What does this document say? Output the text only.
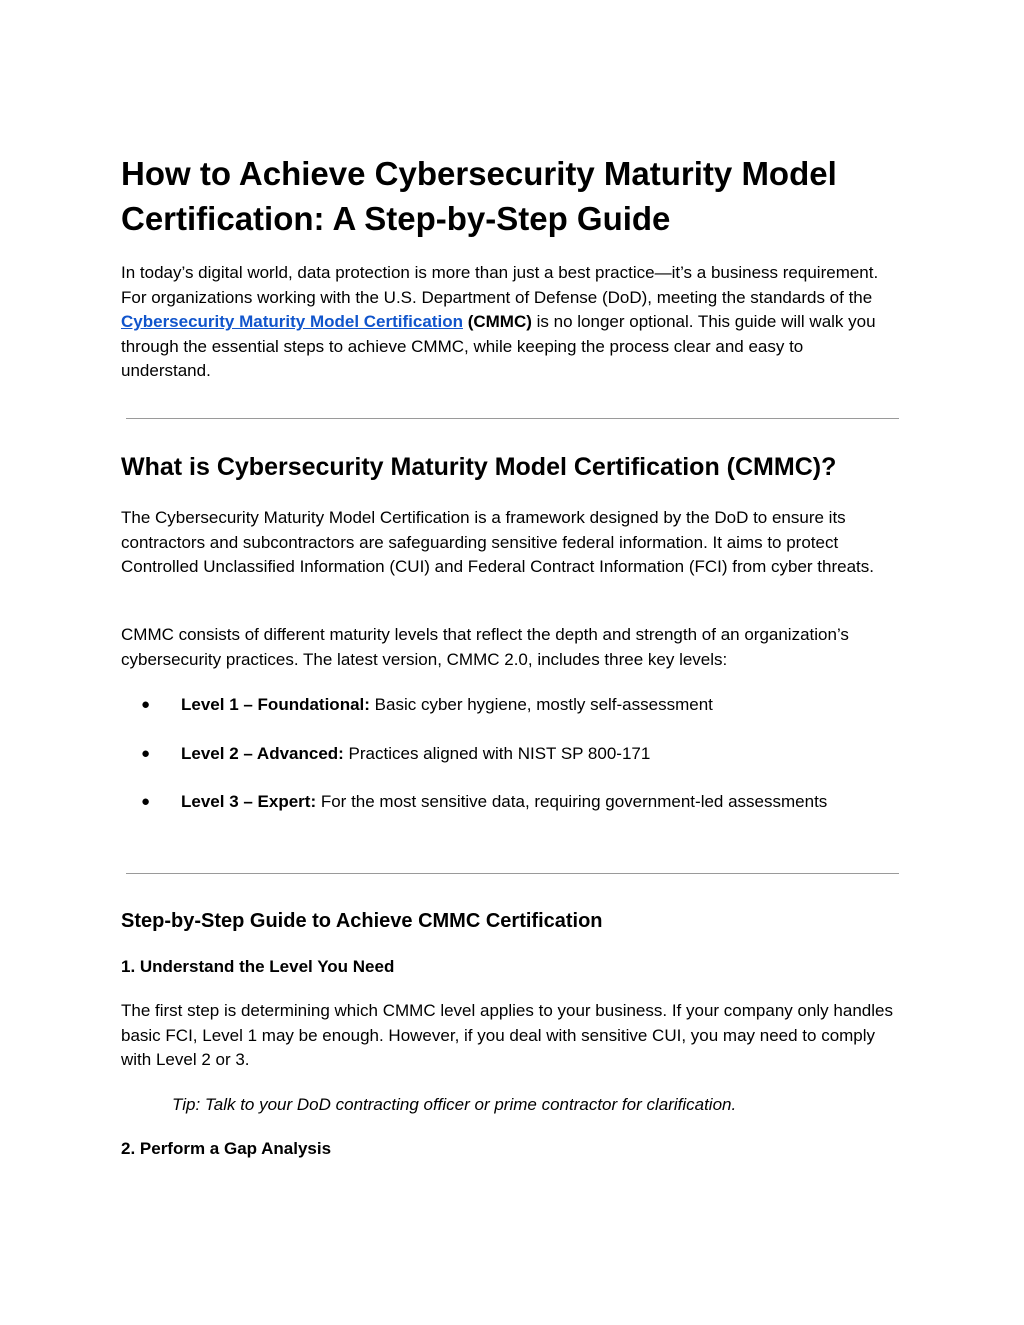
How to Achieve Cybersecurity Maturity Model Certification: A Step-by-Step Guide

In today’s digital world, data protection is more than just a best practice—it’s a business requirement. For organizations working with the U.S. Department of Defense (DoD), meeting the standards of the Cybersecurity Maturity Model Certification (CMMC) is no longer optional. This guide will walk you through the essential steps to achieve CMMC, while keeping the process clear and easy to understand.

What is Cybersecurity Maturity Model Certification (CMMC)?

The Cybersecurity Maturity Model Certification is a framework designed by the DoD to ensure its contractors and subcontractors are safeguarding sensitive federal information. It aims to protect Controlled Unclassified Information (CUI) and Federal Contract Information (FCI) from cyber threats.

CMMC consists of different maturity levels that reflect the depth and strength of an organization’s cybersecurity practices. The latest version, CMMC 2.0, includes three key levels:

● Level 1 – Foundational: Basic cyber hygiene, mostly self-assessment
● Level 2 – Advanced: Practices aligned with NIST SP 800-171
● Level 3 – Expert: For the most sensitive data, requiring government-led assessments
Step-by-Step Guide to Achieve CMMC Certification
1. Understand the Level You Need

The first step is determining which CMMC level applies to your business. If your company only handles basic FCI, Level 1 may be enough. However, if you deal with sensitive CUI, you may need to comply with Level 2 or 3.

Tip: Talk to your DoD contracting officer or prime contractor for clarification.

2. Perform a Gap Analysis
